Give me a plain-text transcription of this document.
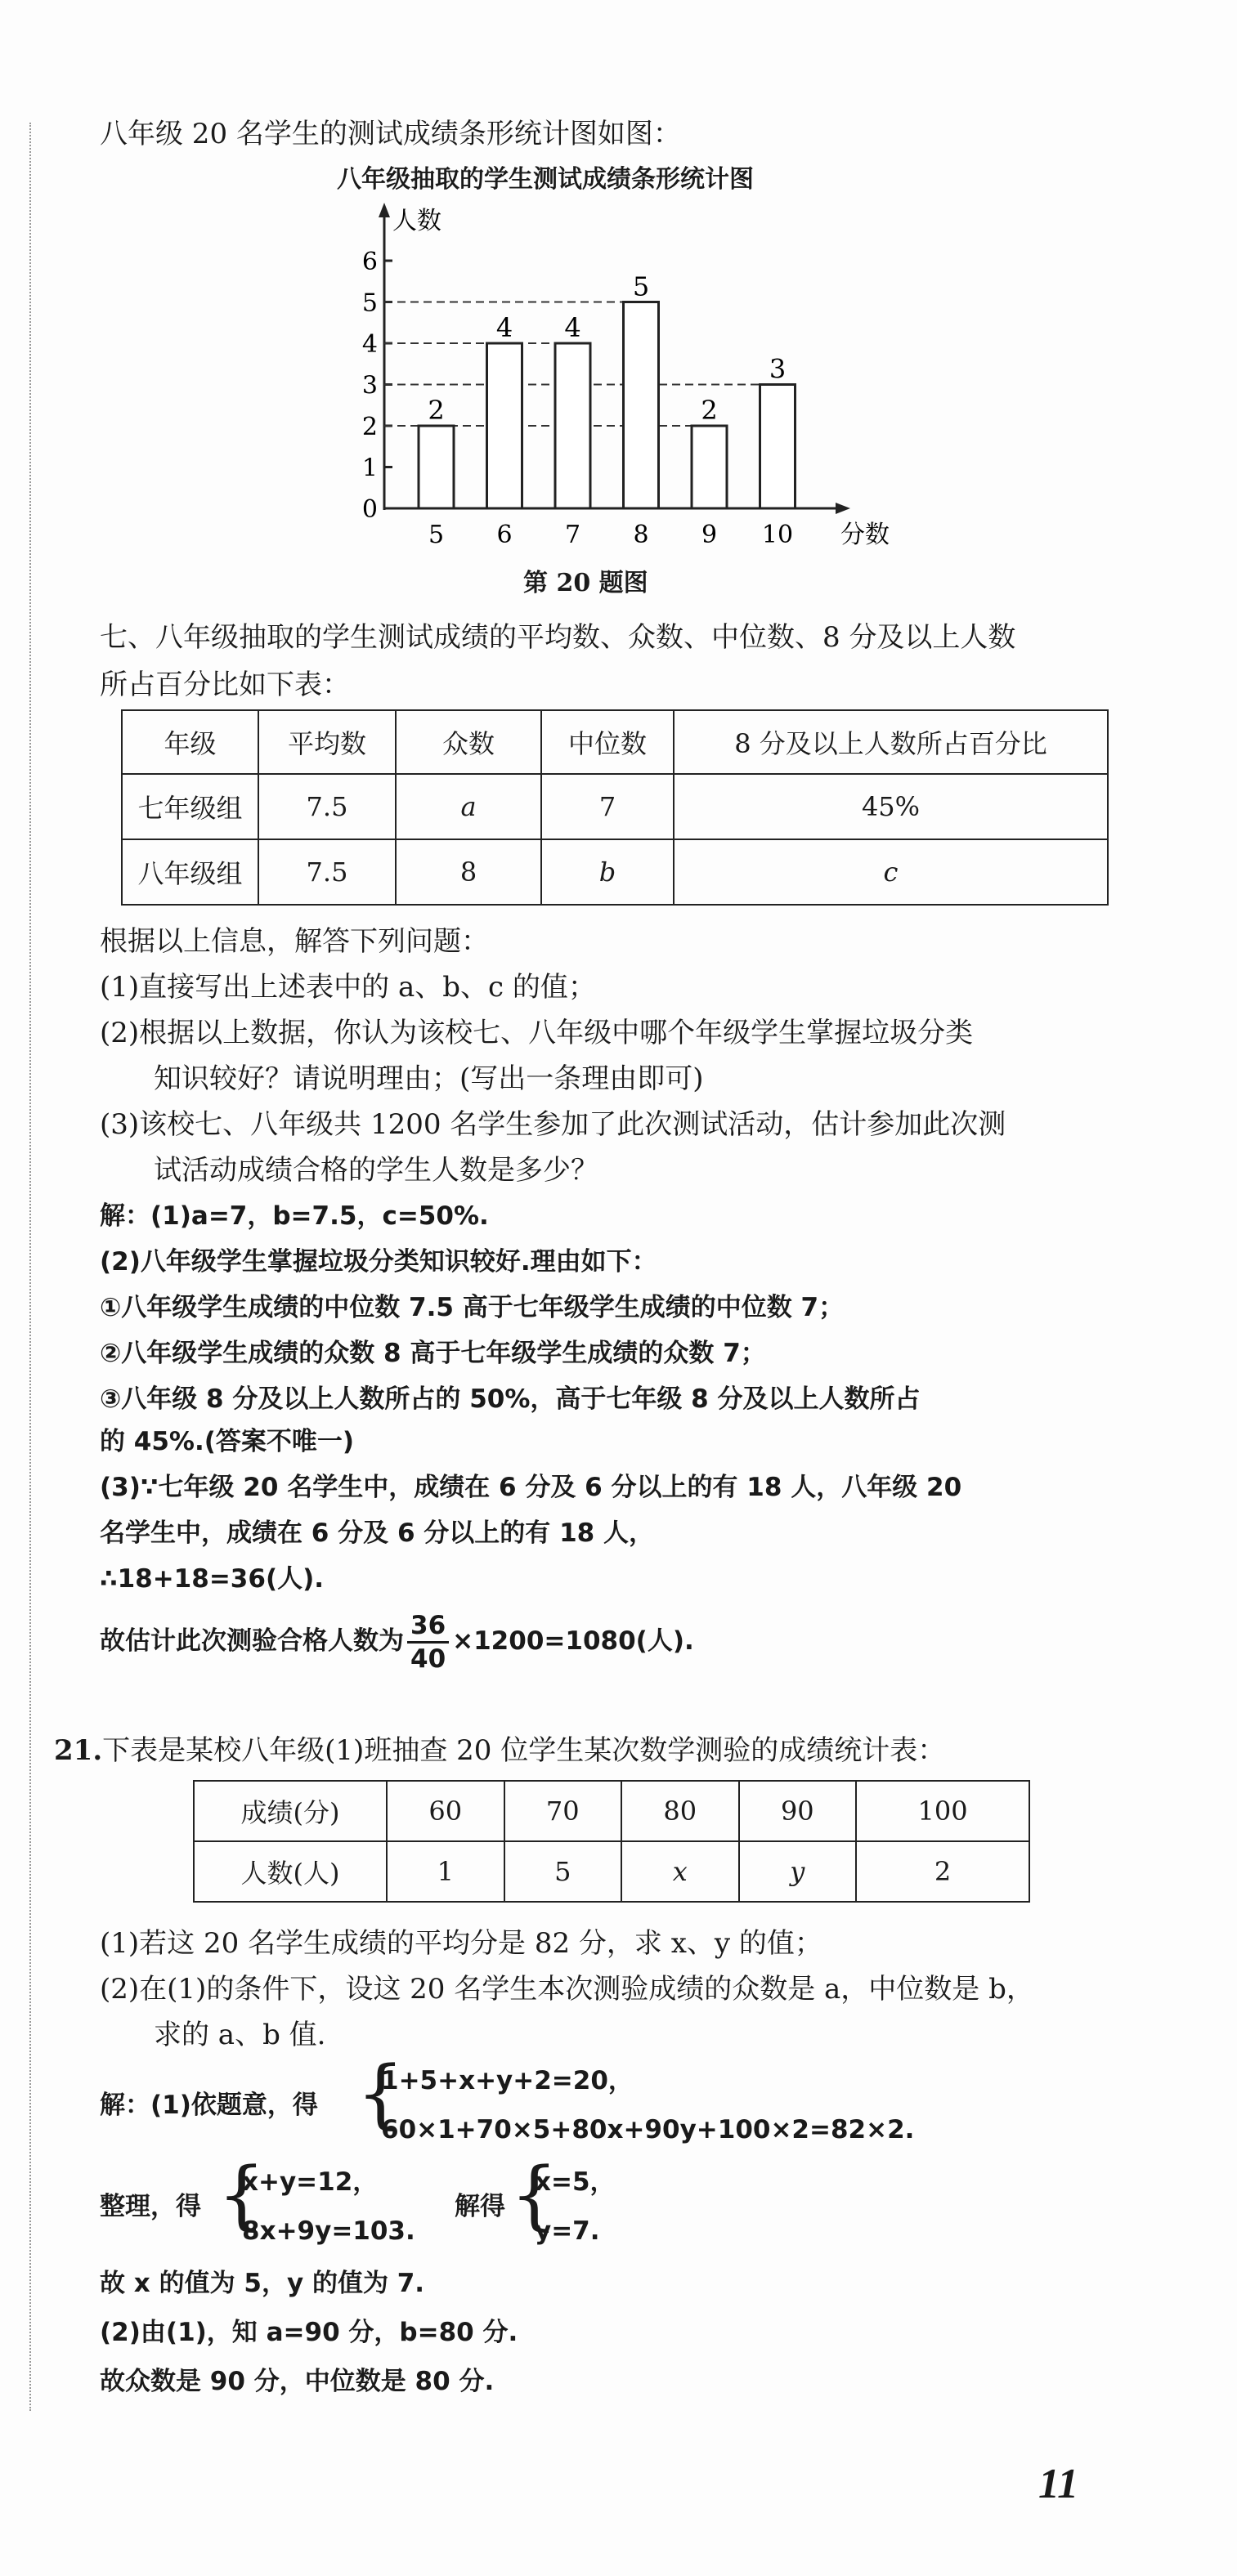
八年级 20 名学生的测试成绩条形统计图如图：
八年级抽取的学生测试成绩条形统计图
人数
分数
0
1
2
3
4
5
6
2
5
4
6
4
7
5
8
2
9
3
10
第 20 题图
七、八年级抽取的学生测试成绩的平均数、众数、中位数、8 分及以上人数
所占百分比如下表：
年级	平均数	众数	中位数	8 分及以上人数所占百分比
七年级组	7.5	a	7	45%
八年级组	7.5	8	b	c
根据以上信息，解答下列问题：
(1)直接写出上述表中的 a、b、c 的值；
(2)根据以上数据，你认为该校七、八年级中哪个年级学生掌握垃圾分类
知识较好？请说明理由；(写出一条理由即可)
(3)该校七、八年级共 1200 名学生参加了此次测试活动，估计参加此次测
试活动成绩合格的学生人数是多少？
解：(1)a=7，b=7.5，c=50%.
(2)八年级学生掌握垃圾分类知识较好.理由如下：
①八年级学生成绩的中位数 7.5 高于七年级学生成绩的中位数 7；
②八年级学生成绩的众数 8 高于七年级学生成绩的众数 7；
③八年级 8 分及以上人数所占的 50%，高于七年级 8 分及以上人数所占
的 45%.(答案不唯一)
(3)∵七年级 20 名学生中，成绩在 6 分及 6 分以上的有 18 人，八年级 20
名学生中，成绩在 6 分及 6 分以上的有 18 人，
∴18+18=36(人).
故估计此次测验合格人数为 $\frac{36}{40} \times 1200=1080$(人).
21.下表是某校八年级(1)班抽查 20 位学生某次数学测验的成绩统计表：
成绩(分)	60	70	80	90	100
人数(人)	1	5	x	y	2
(1)若这 20 名学生成绩的平均分是 82 分，求 x、y 的值；
(2)在(1)的条件下，设这 20 名学生本次测验成绩的众数是 a，中位数是 b，
求的 a、b 值.
解：(1)依题意，得 {
1+5+x+y+2=20，
60×1+70×5+80x+90y+100×2=82×2.
整理，得 {
x+y=12，
8x+9y=103.
解得 {
x=5，
y=7.
故 x 的值为 5，y 的值为 7.
(2)由(1)，知 a=90 分，b=80 分.
故众数是 90 分，中位数是 80 分.
11
